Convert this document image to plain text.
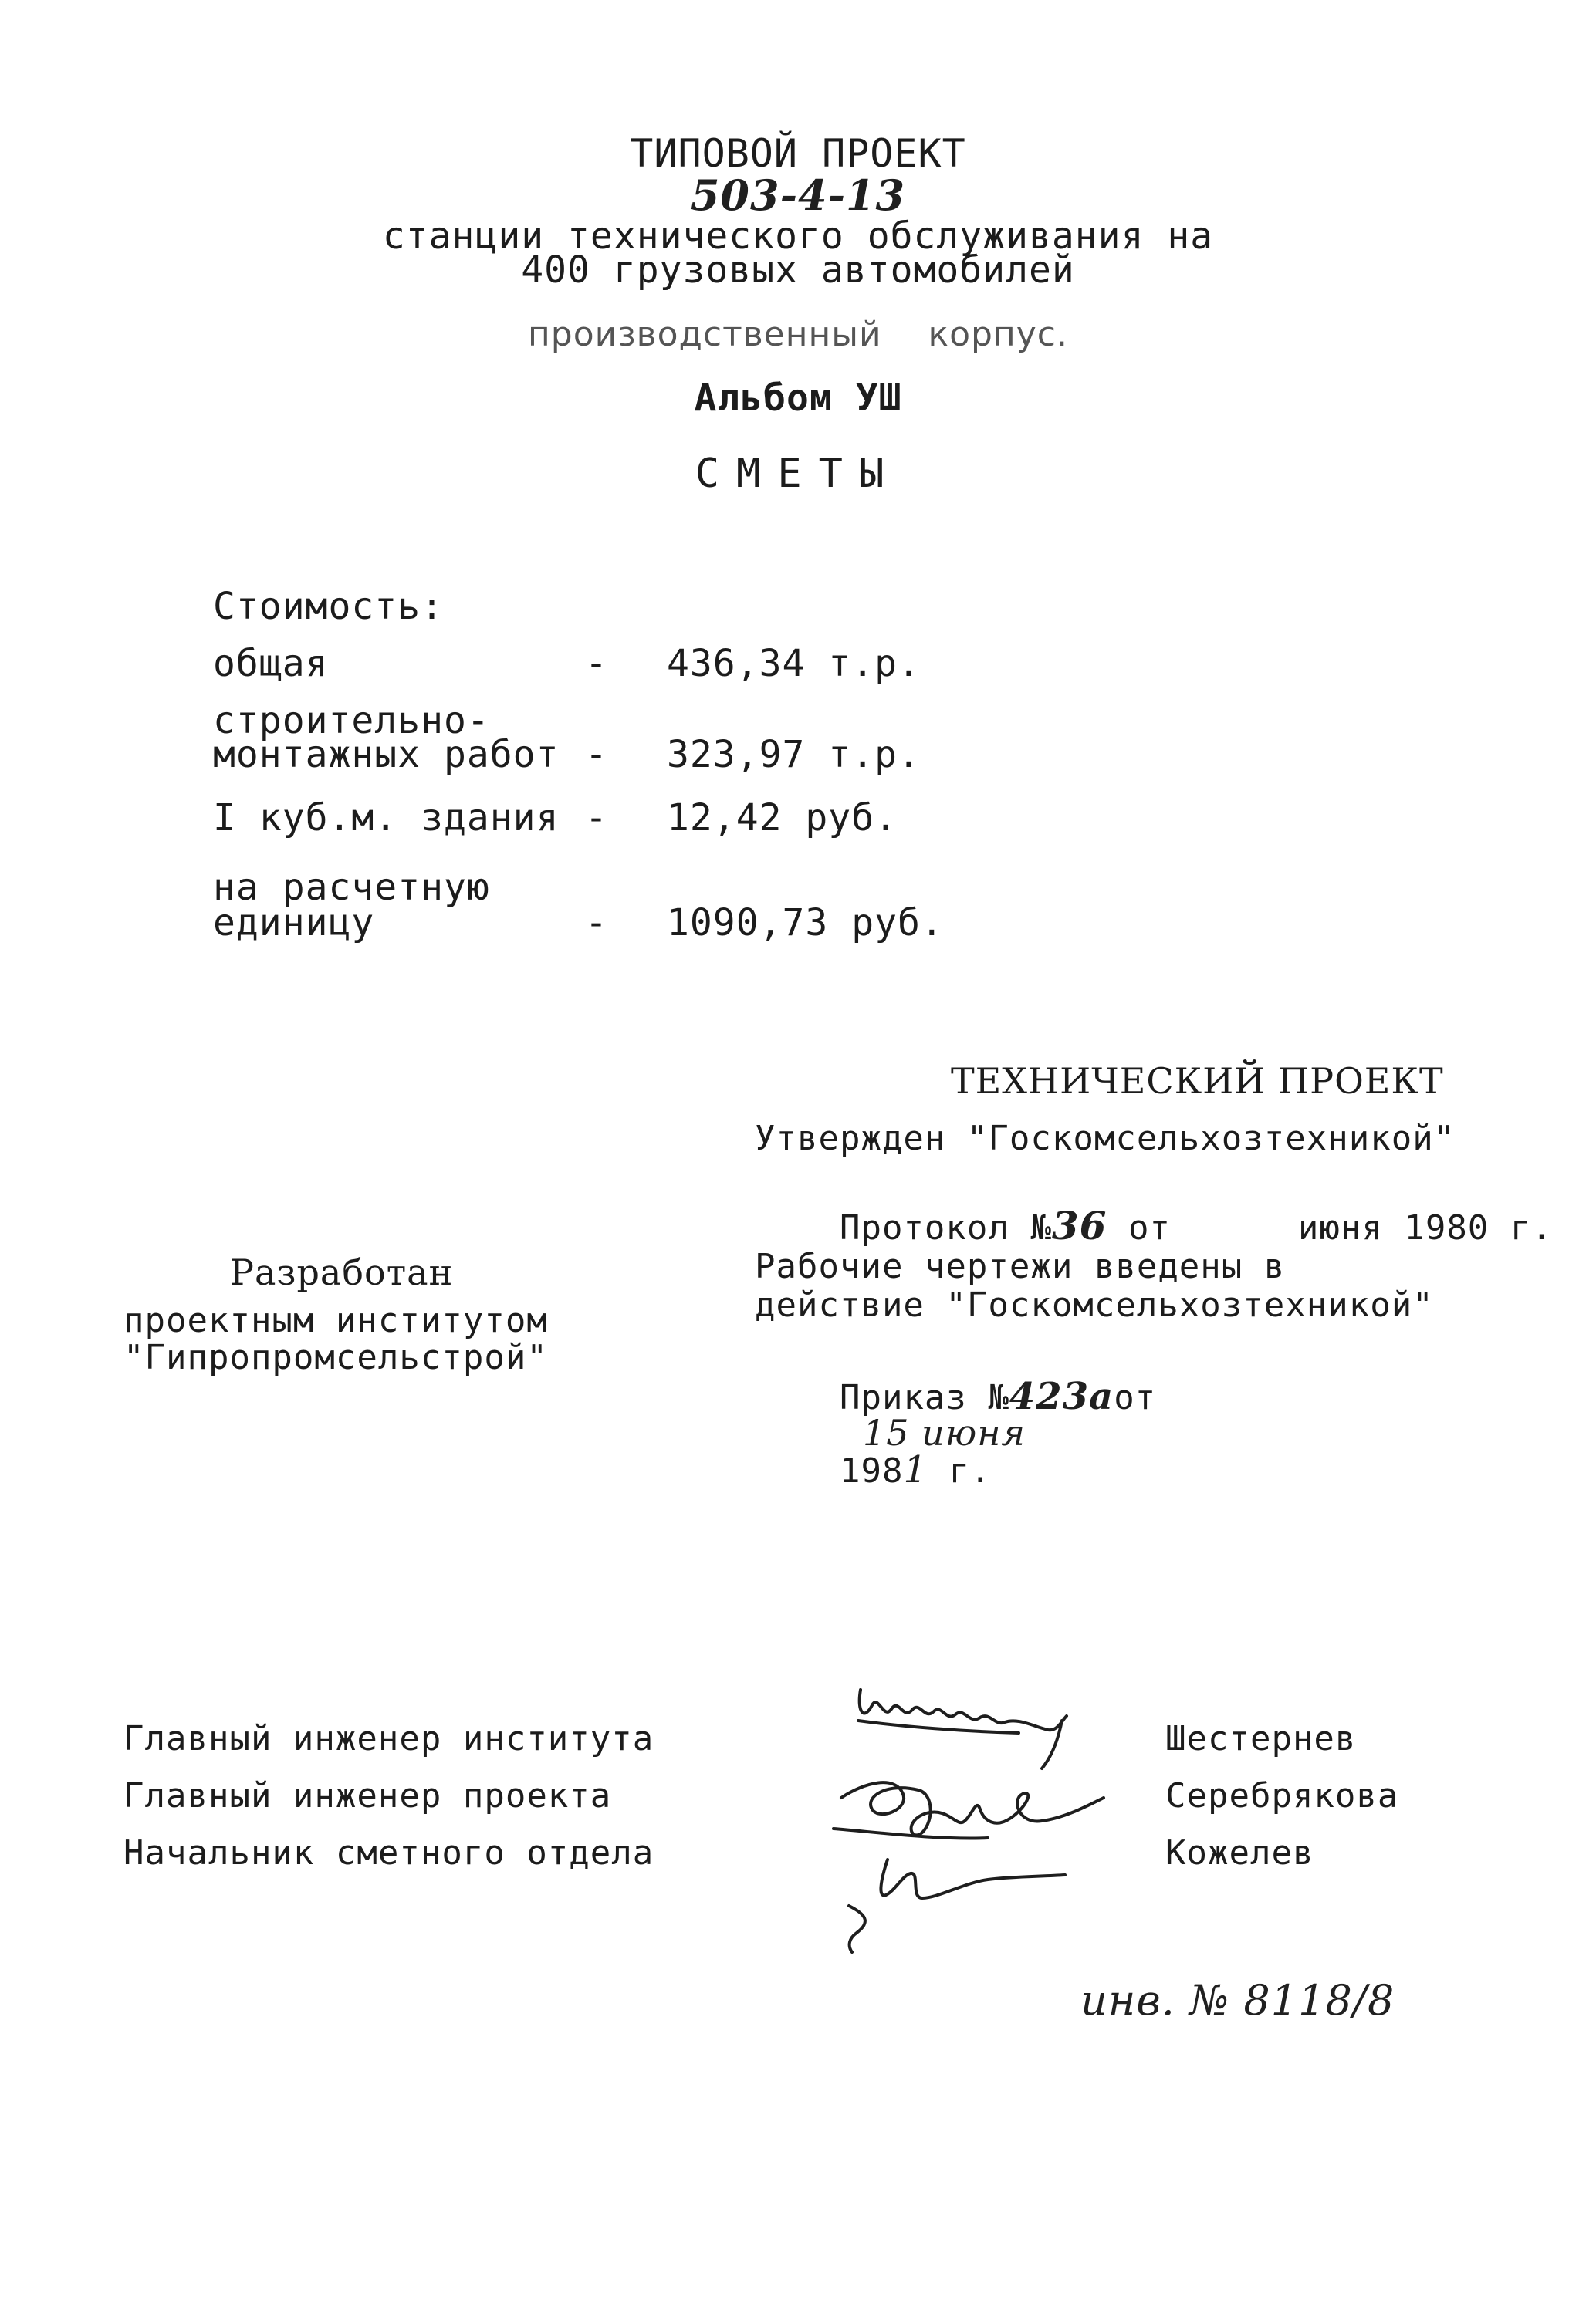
ТИПОВОЙ ПРОЕКТ
503-4-13
станции технического обслуживания на
400 грузовых автомобилей
производственный    корпус.
Альбом УШ
СМЕТЫ
Стоимость:
общая	- 436,34 т.р.
строительно-
монтажных работ - 323,97 т.р.
I куб.м. здания - 12,42 руб.
на расчетную
единицу	- 1090,73 руб.
ТЕХНИЧЕСКИЙ ПРОЕКТ
Утвержден "Госкомсельхозтехникой"

Протокол №36 от      июня 1980 г.

Рабочие чертежи введены в
действие "Госкомсельхозтехникой"

Приказ №423аот
15 июня
1981 г.

Разработан
проектным институтом
"Гипропромсельстрой"
Главный инженер института
Главный инженер проекта
Начальник сметного отдела
Шестернев
Серебрякова
Кожелев
инв. № 8118/8
